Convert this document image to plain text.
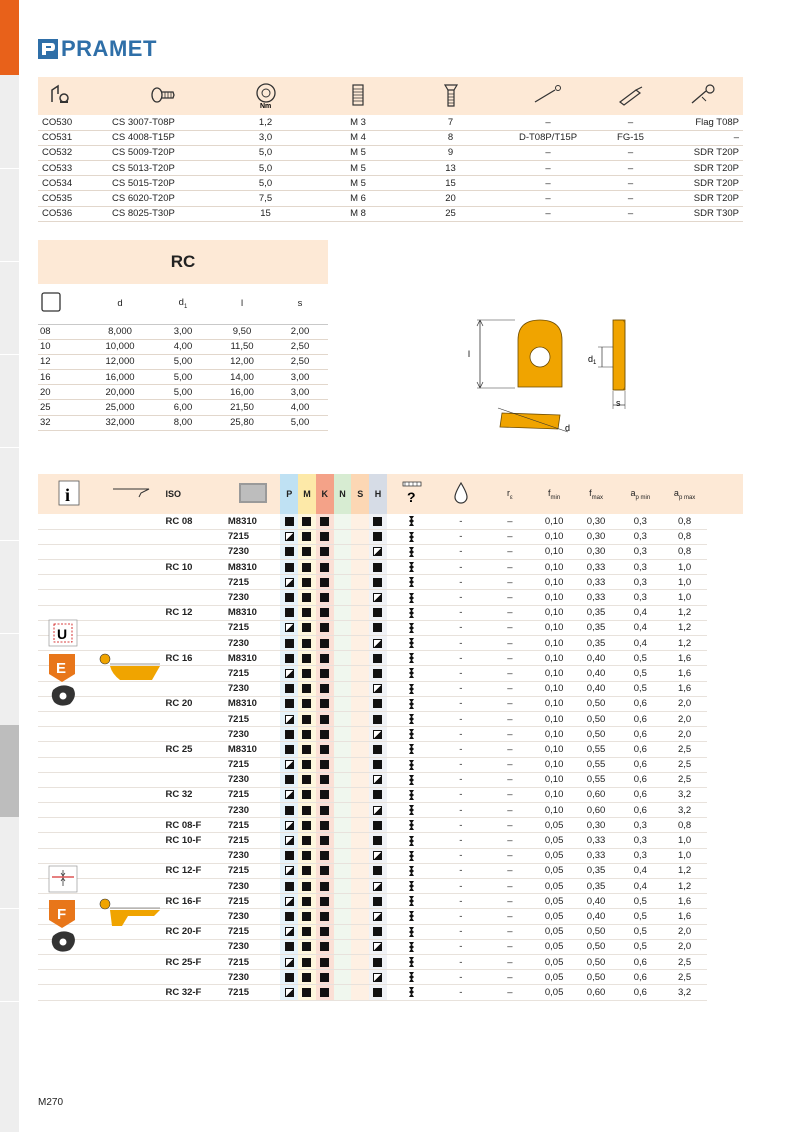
PRAMET

Nm

CO530	CS 3007-T08P	1,2	M 3	7	–	–	Flag T08P
CO531	CS 4008-T15P	3,0	M 4	8	D-T08P/T15P	FG-15	–
CO532	CS 5009-T20P	5,0	M 5	9	–	–	SDR T20P
CO533	CS 5013-T20P	5,0	M 5	13	–	–	SDR T20P
CO534	CS 5015-T20P	5,0	M 5	15	–	–	SDR T20P
CO535	CS 6020-T20P	7,5	M 6	20	–	–	SDR T20P
CO536	CS 8025-T30P	15	M 8	25	–	–	SDR T30P
RC
	d	$d_1$	l	s
08	8,000	3,00	9,50	2,00
10	10,000	4,00	11,50	2,50
12	12,000	5,00	12,00	2,50
16	16,000	5,00	14,00	3,00
20	20,000	5,00	16,00	3,00
25	25,000	6,00	21,50	4,00
32	32,000	8,00	25,80	5,00
l	$d_1$
s
d
i		ISO		P	M	K	N	S	H	?		$r_\varepsilon$	$f_{min}$	$f_{max}$	$a_{p min}$	$a_{p max}$	
		RC 08	M8310								-	–	0,10	0,30	0,3	0,8	
			7215								-	–	0,10	0,30	0,3	0,8	
			7230								-	–	0,10	0,30	0,3	0,8	
		RC 10	M8310								-	–	0,10	0,33	0,3	1,0	
			7215								-	–	0,10	0,33	0,3	1,0	
			7230								-	–	0,10	0,33	0,3	1,0	
		RC 12	M8310								-	–	0,10	0,35	0,4	1,2	
			7215								-	–	0,10	0,35	0,4	1,2	
			7230								-	–	0,10	0,35	0,4	1,2	
		RC 16	M8310								-	–	0,10	0,40	0,5	1,6	
			7215								-	–	0,10	0,40	0,5	1,6	
			7230								-	–	0,10	0,40	0,5	1,6	
		RC 20	M8310								-	–	0,10	0,50	0,6	2,0	
			7215								-	–	0,10	0,50	0,6	2,0	
			7230								-	–	0,10	0,50	0,6	2,0	
		RC 25	M8310								-	–	0,10	0,55	0,6	2,5	
			7215								-	–	0,10	0,55	0,6	2,5	
			7230								-	–	0,10	0,55	0,6	2,5	
		RC 32	7215								-	–	0,10	0,60	0,6	3,2	
			7230								-	–	0,10	0,60	0,6	3,2	
		RC 08-F	7215								-	–	0,05	0,30	0,3	0,8	
		RC 10-F	7215								-	–	0,05	0,33	0,3	1,0	
			7230								-	–	0,05	0,33	0,3	1,0	
		RC 12-F	7215								-	–	0,05	0,35	0,4	1,2	
			7230								-	–	0,05	0,35	0,4	1,2	
		RC 16-F	7215								-	–	0,05	0,40	0,5	1,6	
			7230								-	–	0,05	0,40	0,5	1,6	
		RC 20-F	7215								-	–	0,05	0,50	0,5	2,0	
			7230								-	–	0,05	0,50	0,5	2,0	
		RC 25-F	7215								-	–	0,05	0,50	0,6	2,5	
			7230								-	–	0,05	0,50	0,6	2,5	
		RC 32-F	7215								-	–	0,05	0,60	0,6	3,2	
U
E
F
M270
